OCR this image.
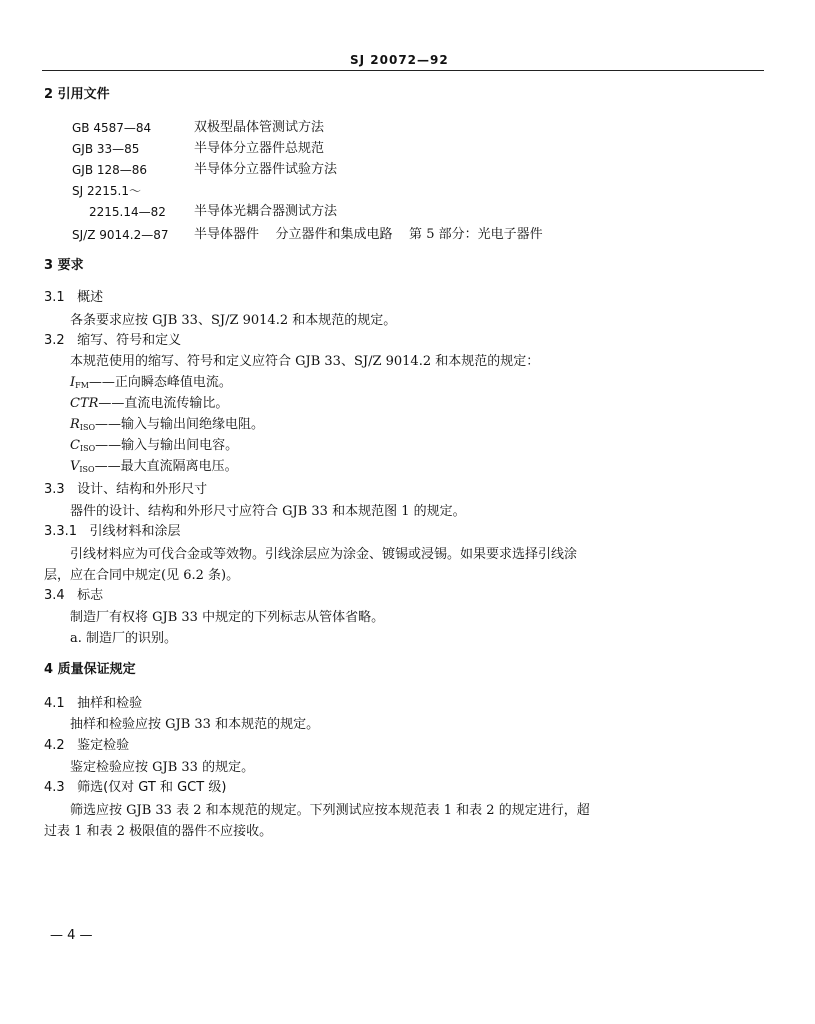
SJ 20072—92
2 引用文件
GB 4587—84	双极型晶体管测试方法
GJB 33—85	半导体分立器件总规范
GJB 128—86	半导体分立器件试验方法
SJ 2215.1～
2215.14—82 半导体光耦合器测试方法
SJ/Z 9014.2—87 半导体器件    分立器件和集成电路    第 5 部分：光电子器件
3 要求
3.1   概述
各条要求应按 GJB 33、SJ/Z 9014.2 和本规范的规定。
3.2   缩写、符号和定义
本规范使用的缩写、符号和定义应符合 GJB 33、SJ/Z 9014.2 和本规范的规定：
$I_{FM}——$正向瞬态峰值电流。
CTR——直流电流传输比。
$R_{ISO}——$输入与输出间绝缘电阻。
$C_{ISO}——$输入与输出间电容。
$V_{ISO}——$最大直流隔离电压。
3.3   设计、结构和外形尺寸
器件的设计、结构和外形尺寸应符合 GJB 33 和本规范图 1 的规定。
3.3.1   引线材料和涂层
引线材料应为可伐合金或等效物。引线涂层应为涂金、镀锡或浸锡。如果要求选择引线涂
层，应在合同中规定(见 6.2 条)。
3.4   标志
制造厂有权将 GJB 33 中规定的下列标志从管体省略。
a. 制造厂的识别。
4 质量保证规定
4.1   抽样和检验
抽样和检验应按 GJB 33 和本规范的规定。
4.2   鉴定检验
鉴定检验应按 GJB 33 的规定。
4.3   筛选(仅对 GT 和 GCT 级)
筛选应按 GJB 33 表 2 和本规范的规定。下列测试应按本规范表 1 和表 2 的规定进行，超
过表 1 和表 2 极限值的器件不应接收。
— 4 —
